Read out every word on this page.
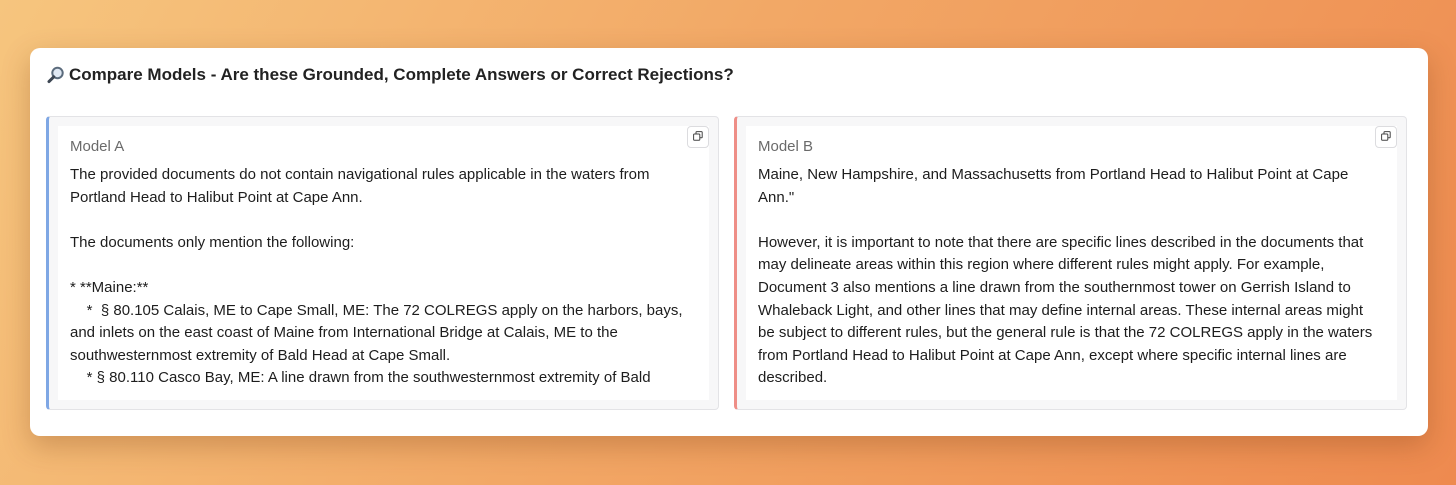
Compare Models - Are these Grounded, Complete Answers or Correct Rejections?
Model A
The provided documents do not contain navigational rules applicable in the waters from
Portland Head to Halibut Point at Cape Ann.
The documents only mention the following:
* **Maine:**
*  § 80.105 Calais, ME to Cape Small, ME: The 72 COLREGS apply on the harbors, bays,
and inlets on the east coast of Maine from International Bridge at Calais, ME to the
southwesternmost extremity of Bald Head at Cape Small.
* § 80.110 Casco Bay, ME: A line drawn from the southwesternmost extremity of Bald
Model B
Maine, New Hampshire, and Massachusetts from Portland Head to Halibut Point at Cape
Ann."
However, it is important to note that there are specific lines described in the documents that
may delineate areas within this region where different rules might apply. For example,
Document 3 also mentions a line drawn from the southernmost tower on Gerrish Island to
Whaleback Light, and other lines that may define internal areas. These internal areas might
be subject to different rules, but the general rule is that the 72 COLREGS apply in the waters
from Portland Head to Halibut Point at Cape Ann, except where specific internal lines are
described.
